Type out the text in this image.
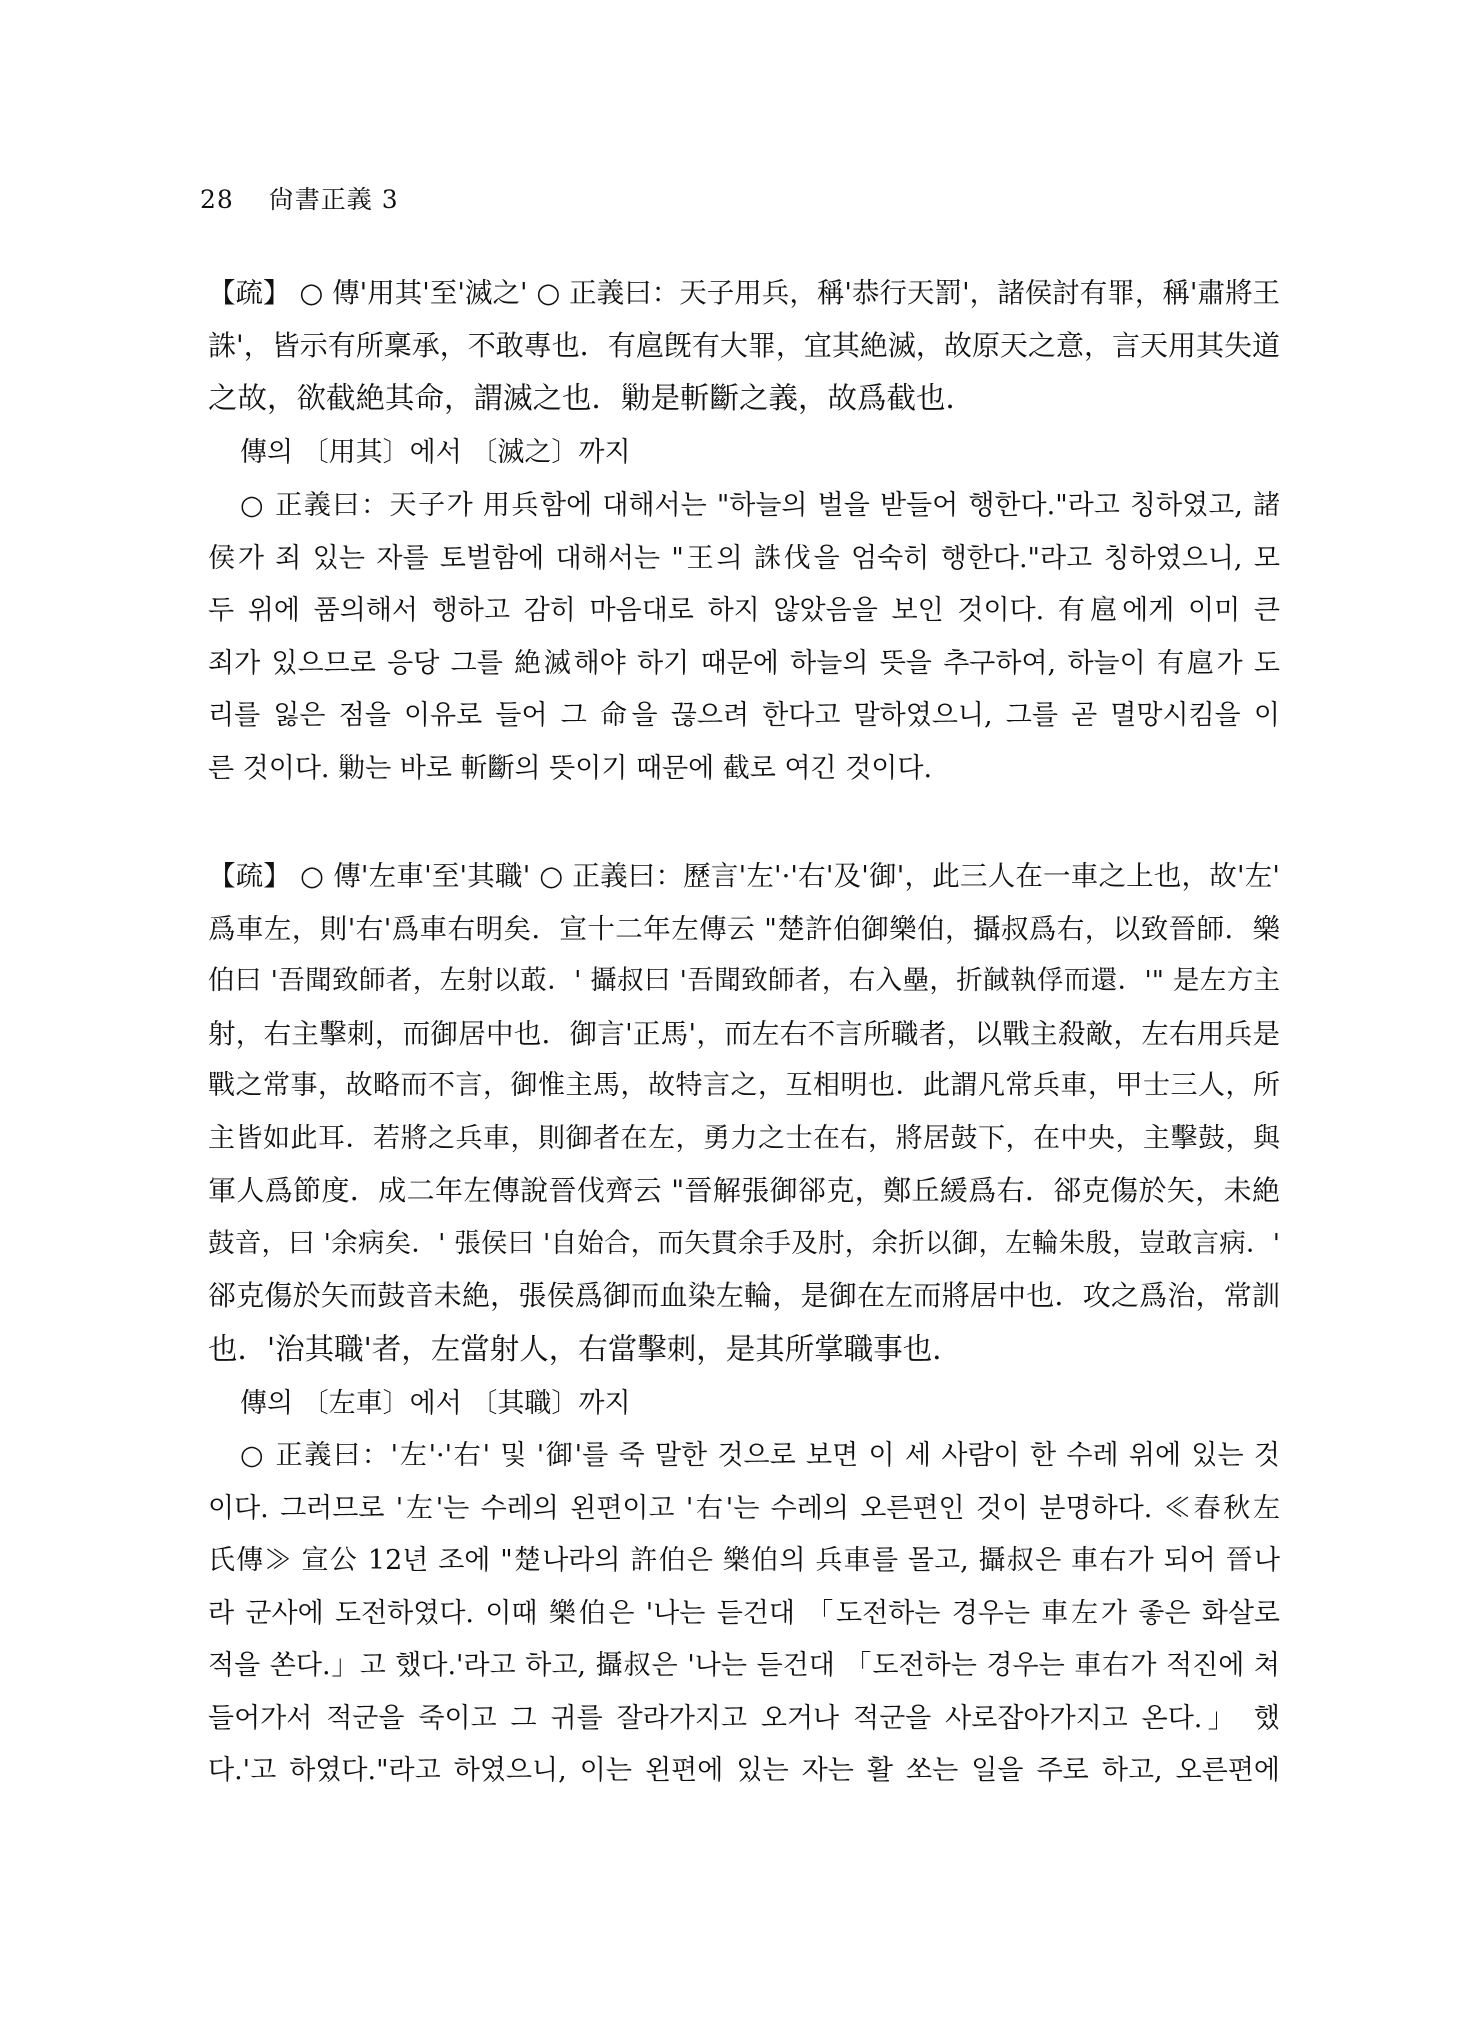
28 尙書正義 3
【疏】 ○ 傳'用其'至'滅之' ○ 正義曰：天子用兵，稱'恭行天罰'，諸侯討有罪，稱'肅將王
誅'，皆示有所稟承，不敢專也．有扈旣有大罪，宜其絶滅，故原天之意，言天用其失道
之故，欲截絶其命，謂滅之也．勦是斬斷之義，故爲截也．
傳의 〔用其〕에서 〔滅之〕까지
○ 正義曰：天子가 用兵함에 대해서는 "하늘의 벌을 받들어 행한다."라고 칭하였고, 諸
侯가 죄 있는 자를 토벌함에 대해서는 "王의 誅伐을 엄숙히 행한다."라고 칭하였으니, 모
두 위에 품의해서 행하고 감히 마음대로 하지 않았음을 보인 것이다. 有扈에게 이미 큰
죄가 있으므로 응당 그를 絶滅해야 하기 때문에 하늘의 뜻을 추구하여, 하늘이 有扈가 도
리를 잃은 점을 이유로 들어 그 命을 끊으려 한다고 말하였으니, 그를 곧 멸망시킴을 이
른 것이다. 勦는 바로 斬斷의 뜻이기 때문에 截로 여긴 것이다.
【疏】 ○ 傳'左車'至'其職' ○ 正義曰：歷言'左'·'右'及'御'，此三人在一車之上也，故'左'
爲車左，則'右'爲車右明矣．宣十二年左傳云 "楚許伯御樂伯，攝叔爲右，以致晉師．樂
伯曰 '吾聞致師者，左射以菆．' 攝叔曰 '吾聞致師者，右入壘，折馘執俘而還．'" 是左方主
射，右主擊刺，而御居中也．御言'正馬'，而左右不言所職者，以戰主殺敵，左右用兵是
戰之常事，故略而不言，御惟主馬，故特言之，互相明也．此謂凡常兵車，甲士三人，所
主皆如此耳．若將之兵車，則御者在左，勇力之士在右，將居鼓下，在中央，主擊鼓，與
軍人爲節度．成二年左傳說晉伐齊云 "晉解張御郤克，鄭丘緩爲右．郤克傷於矢，未絶
鼓音，曰 '余病矣．' 張侯曰 '自始合，而矢貫余手及肘，余折以御，左輪朱殷，豈敢言病．'
郤克傷於矢而鼓音未絶，張侯爲御而血染左輪，是御在左而將居中也．攻之爲治，常訓
也．'治其職'者，左當射人，右當擊刺，是其所掌職事也．
傳의 〔左車〕에서 〔其職〕까지
○ 正義曰：'左'·'右' 및 '御'를 죽 말한 것으로 보면 이 세 사람이 한 수레 위에 있는 것
이다. 그러므로 '左'는 수레의 왼편이고 '右'는 수레의 오른편인 것이 분명하다. ≪春秋左
氏傳≫ 宣公 12년 조에 "楚나라의 許伯은 樂伯의 兵車를 몰고, 攝叔은 車右가 되어 晉나
라 군사에 도전하였다. 이때 樂伯은 '나는 듣건대 「도전하는 경우는 車左가 좋은 화살로
적을 쏜다.」고 했다.'라고 하고, 攝叔은 '나는 듣건대 「도전하는 경우는 車右가 적진에 쳐
들어가서 적군을 죽이고 그 귀를 잘라가지고 오거나 적군을 사로잡아가지고 온다.」 했
다.'고 하였다."라고 하였으니, 이는 왼편에 있는 자는 활 쏘는 일을 주로 하고, 오른편에
